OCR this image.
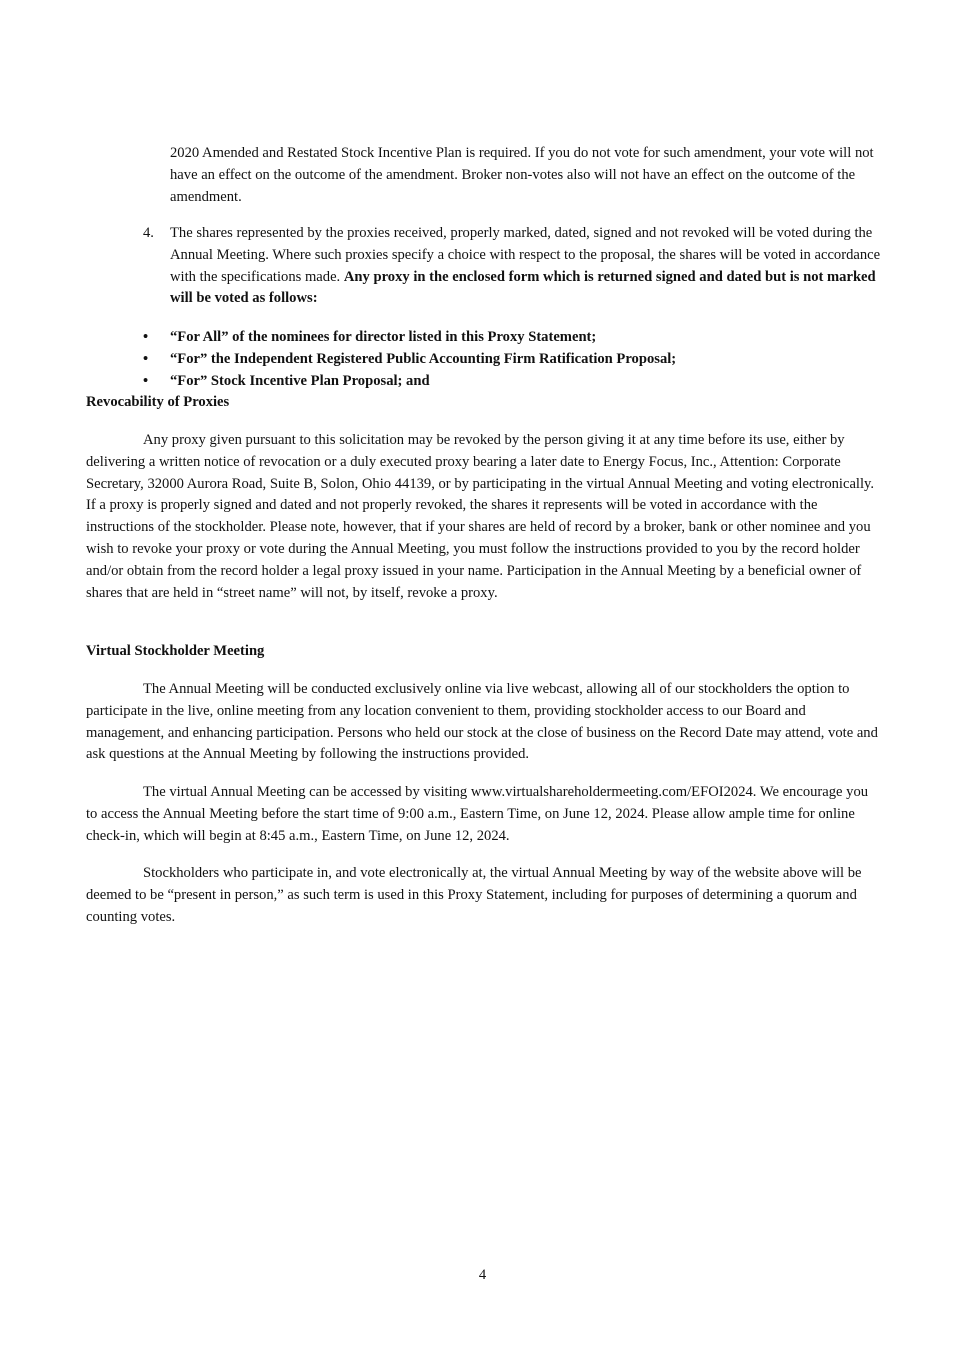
2020 Amended and Restated Stock Incentive Plan is required. If you do not vote for such amendment, your vote will not have an effect on the outcome of the amendment. Broker non-votes also will not have an effect on the outcome of the amendment.

4. The shares represented by the proxies received, properly marked, dated, signed and not revoked will be voted during the Annual Meeting. Where such proxies specify a choice with respect to the proposal, the shares will be voted in accordance with the specifications made. Any proxy in the enclosed form which is returned signed and dated but is not marked will be voted as follows:
• “For All” of the nominees for director listed in this Proxy Statement;
• “For” the Independent Registered Public Accounting Firm Ratification Proposal;
• “For” Stock Incentive Plan Proposal; and
Revocability of Proxies

Any proxy given pursuant to this solicitation may be revoked by the person giving it at any time before its use, either by delivering a written notice of revocation or a duly executed proxy bearing a later date to Energy Focus, Inc., Attention: Corporate Secretary, 32000 Aurora Road, Suite B, Solon, Ohio 44139, or by participating in the virtual Annual Meeting and voting electronically. If a proxy is properly signed and dated and not properly revoked, the shares it represents will be voted in accordance with the instructions of the stockholder. Please note, however, that if your shares are held of record by a broker, bank or other nominee and you wish to revoke your proxy or vote during the Annual Meeting, you must follow the instructions provided to you by the record holder and/or obtain from the record holder a legal proxy issued in your name. Participation in the Annual Meeting by a beneficial owner of shares that are held in “street name” will not, by itself, revoke a proxy.

Virtual Stockholder Meeting

The Annual Meeting will be conducted exclusively online via live webcast, allowing all of our stockholders the option to participate in the live, online meeting from any location convenient to them, providing stockholder access to our Board and management, and enhancing participation. Persons who held our stock at the close of business on the Record Date may attend, vote and ask questions at the Annual Meeting by following the instructions provided.

The virtual Annual Meeting can be accessed by visiting www.virtualshareholdermeeting.com/EFOI2024. We encourage you to access the Annual Meeting before the start time of 9:00 a.m., Eastern Time, on June 12, 2024. Please allow ample time for online check-in, which will begin at 8:45 a.m., Eastern Time, on June 12, 2024.

Stockholders who participate in, and vote electronically at, the virtual Annual Meeting by way of the website above will be deemed to be “present in person,” as such term is used in this Proxy Statement, including for purposes of determining a quorum and counting votes.

4
